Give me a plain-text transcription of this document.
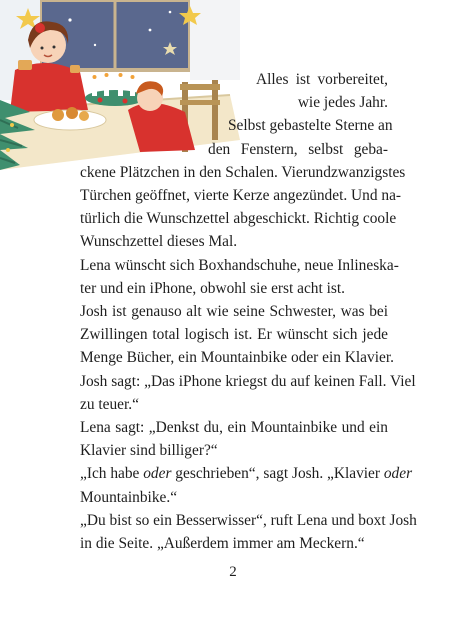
Alles ist vorbereitet,
wie jedes Jahr.
Selbst gebastelte Sterne an
den Fenstern, selbst geba-
ckene Plätzchen in den Schalen. Vierundzwanzigstes
Türchen geöffnet, vierte Kerze angezündet. Und na-
türlich die Wunschzettel abgeschickt. Richtig coole
Wunschzettel dieses Mal.

Lena wünscht sich Boxhandschuhe, neue Inlineska-
ter und ein iPhone, obwohl sie erst acht ist.

Josh ist genauso alt wie seine Schwester, was bei
Zwillingen total logisch ist. Er wünscht sich jede
Menge Bücher, ein Mountainbike oder ein Klavier.

Josh sagt: „Das iPhone kriegst du auf keinen Fall. Viel
zu teuer.“

Lena sagt: „Denkst du, ein Mountainbike und ein
Klavier sind billiger?“

„Ich habe oder geschrieben“, sagt Josh. „Klavier oder
Mountainbike.“

„Du bist so ein Besserwisser“, ruft Lena und boxt Josh
in die Seite. „Außerdem immer am Meckern.“

2
